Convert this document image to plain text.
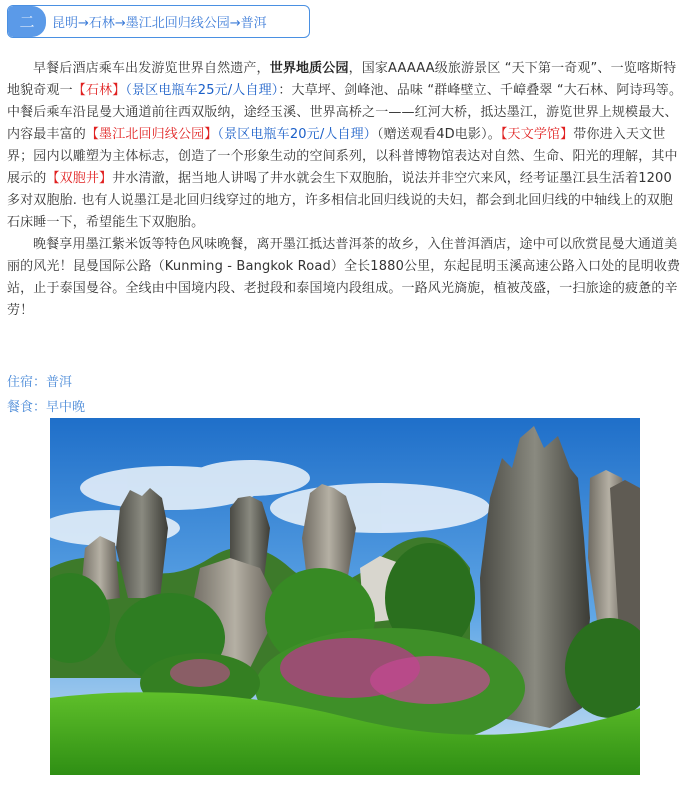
二	昆明→石林→墨江北回归线公园→普洱

早餐后酒店乘车出发游览世界自然遗产，世界地质公园，国家AAAAA级旅游景区 “天下第一奇观”、一览喀斯特地貌奇观一【石林】（景区电瓶车25元/人自理）：大草坪、剑峰池、品味 “群峰壁立、千嶂叠翠 “大石林、阿诗玛等。中餐后乘车沿昆曼大通道前往西双版纳，途经玉溪、世界高桥之一——红河大桥，抵达墨江，游览世界上规模最大、内容最丰富的【墨江北回归线公园】（景区电瓶车20元/人自理）（赠送观看4D电影）。【天文学馆】带你进入天文世界；园内以雕塑为主体标志，创造了一个形象生动的空间系列，以科普博物馆表达对自然、生命、阳光的理解，其中展示的【双胞井】井水清澈，据当地人讲喝了井水就会生下双胞胎，说法并非空穴来风，经考证墨江县生活着1200多对双胞胎. 也有人说墨江是北回归线穿过的地方，许多相信北回归线说的夫妇，都会到北回归线的中轴线上的双胞石床睡一下，希望能生下双胞胎。

晚餐享用墨江紫米饭等特色风味晚餐，离开墨江抵达普洱茶的故乡，入住普洱酒店，途中可以欣赏昆曼大通道美丽的风光！昆曼国际公路（Kunming - Bangkok Road）全长1880公里，东起昆明玉溪高速公路入口处的昆明收费站，止于泰国曼谷。全线由中国境内段、老挝段和泰国境内段组成。一路风光旖旎，植被茂盛，一扫旅途的疲惫的辛劳！

住宿：普洱
餐食：早中晚
